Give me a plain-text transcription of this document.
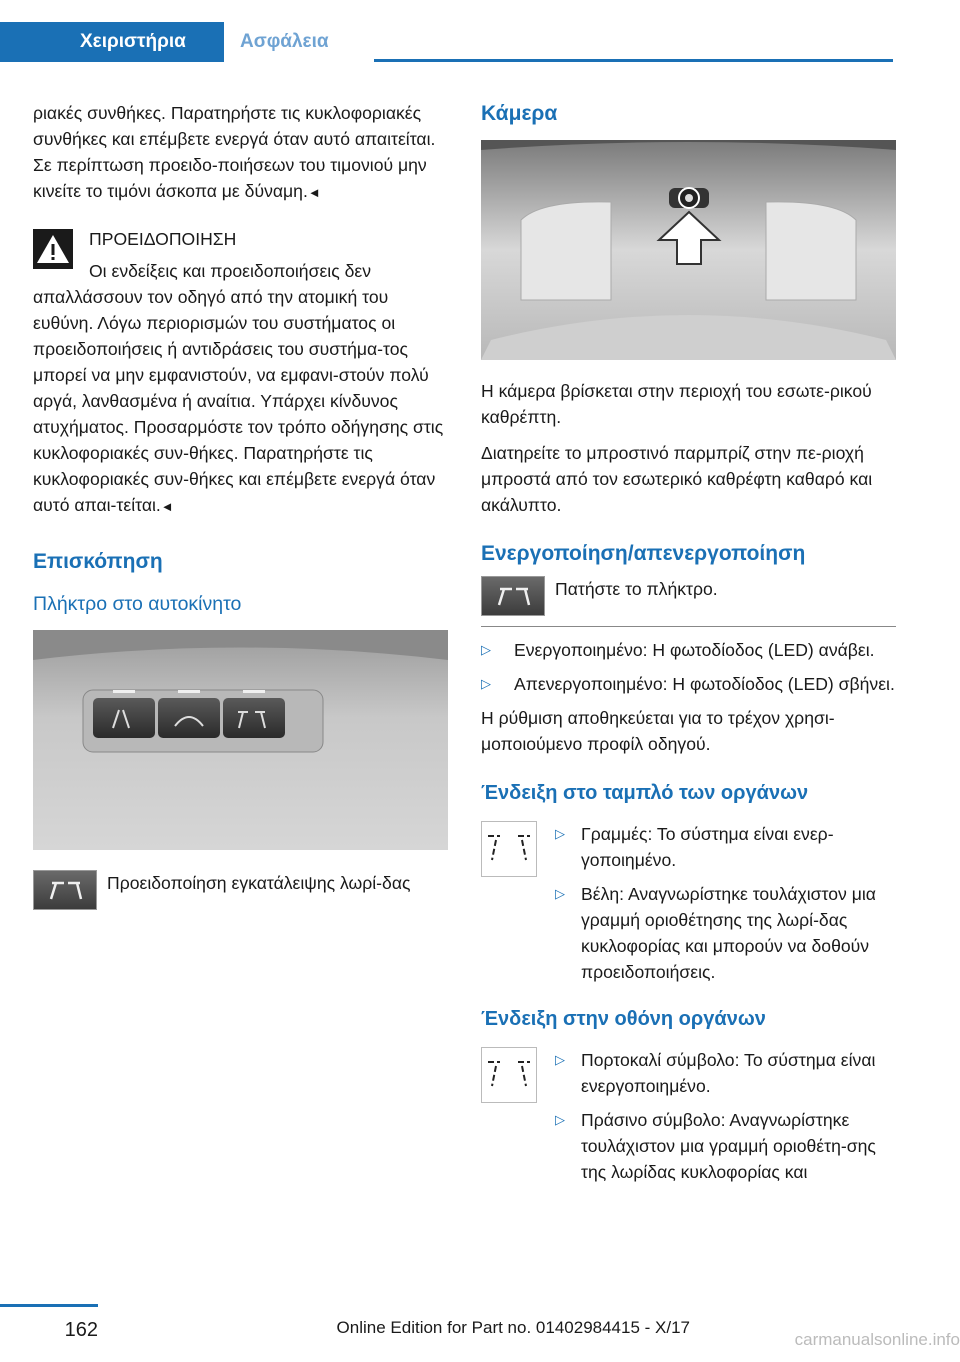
Χειριστήρια	Ασφάλεια

ριακές συνθήκες. Παρατηρήστε τις κυκλοφοριακές συνθήκες και επέμβετε ενεργά όταν αυτό απαιτείται. Σε περίπτωση προειδο‐ποιήσεων του τιμονιού μην κινείτε το τιμόνι άσκοπα με δύναμη.◄

ΠΡΟΕΙΔΟΠΟΙΗΣΗ

Οι ενδείξεις και προειδοποιήσεις δεν απαλλάσσουν τον οδηγό από την ατομική του ευθύνη. Λόγω περιορισμών του συστήματος οι προειδοποιήσεις ή αντιδράσεις του συστήμα‐τος μπορεί να μην εμφανιστούν, να εμφανι‐στούν πολύ αργά, λανθασμένα ή αναίτια. Υπάρχει κίνδυνος ατυχήματος. Προσαρμόστε τον τρόπο οδήγησης στις κυκλοφοριακές συν‐θήκες. Παρατηρήστε τις κυκλοφοριακές συν‐θήκες και επέμβετε ενεργά όταν αυτό απαι‐τείται.◄

Επισκόπηση
Πλήκτρο στο αυτοκίνητο
Προειδοποίηση εγκατάλειψης λωρί‐δας
Κάμερα

Η κάμερα βρίσκεται στην περιοχή του εσωτε‐ρικού καθρέπτη.

Διατηρείτε το μπροστινό παρμπρίζ στην πε‐ριοχή μπροστά από τον εσωτερικό καθρέφτη καθαρό και ακάλυπτο.

Ενεργοποίηση/απενεργοποίηση
Πατήστε το πλήκτρο.
▷ Ενεργοποιημένο: Η φωτοδίοδος (LED) ανάβει.
▷ Απενεργοποιημένο: Η φωτοδίοδος (LED) σβήνει.

Η ρύθμιση αποθηκεύεται για το τρέχον χρησι‐μοποιούμενο προφίλ οδηγού.

Ένδειξη στο ταμπλό των οργάνων
▷ Γραμμές: Το σύστημα είναι ενερ‐γοποιημένο.
▷ Βέλη: Αναγνωρίστηκε τουλάχιστον μια γραμμή οριοθέτησης της λωρί‐δας κυκλοφορίας και μπορούν να δοθούν προειδοποιήσεις.
Ένδειξη στην οθόνη οργάνων
▷ Πορτοκαλί σύμβολο: Το σύστημα είναι ενεργοποιημένο.
▷ Πράσινο σύμβολο: Αναγνωρίστηκε τουλάχιστον μια γραμμή οριοθέτη‐σης της λωρίδας κυκλοφορίας και
162	Online Edition for Part no. 01402984415 - X/17
carmanualsonline.info
